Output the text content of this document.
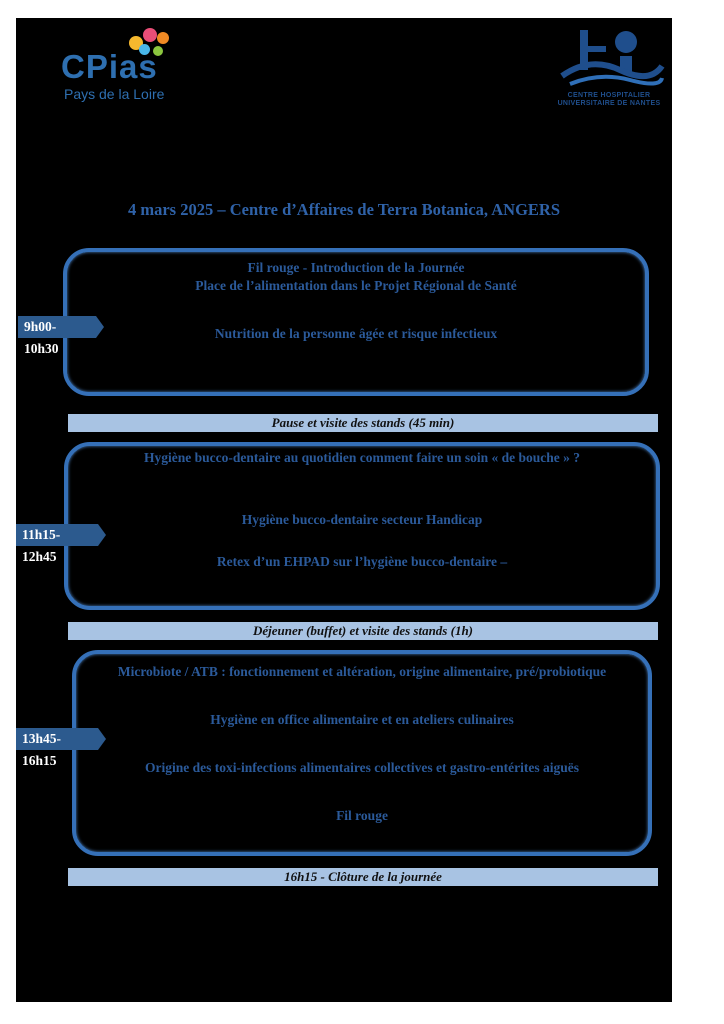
CPias
Pays de la Loire	CENTRE HOSPITALIER
UNIVERSITAIRE DE NANTES
4 mars 2025 – Centre d’Affaires de Terra Botanica, ANGERS
Fil rouge - Introduction de la Journée
Place de l’alimentation dans le Projet Régional de Santé
Nutrition de la personne âgée et risque infectieux
9h00-10h30
Pause et visite des stands (45 min)
Hygiène bucco-dentaire au quotidien comment faire un soin « de bouche » ?
Hygiène bucco-dentaire secteur Handicap
Retex d’un EHPAD sur l’hygiène bucco-dentaire –
11h15-12h45
Déjeuner (buffet) et visite des stands (1h)
Microbiote / ATB : fonctionnement et altération, origine alimentaire, pré/probiotique
Hygiène en office alimentaire et en ateliers culinaires
Origine des toxi-infections alimentaires collectives et gastro-entérites aiguës
Fil rouge
13h45-16h15
16h15 - Clôture de la journée
